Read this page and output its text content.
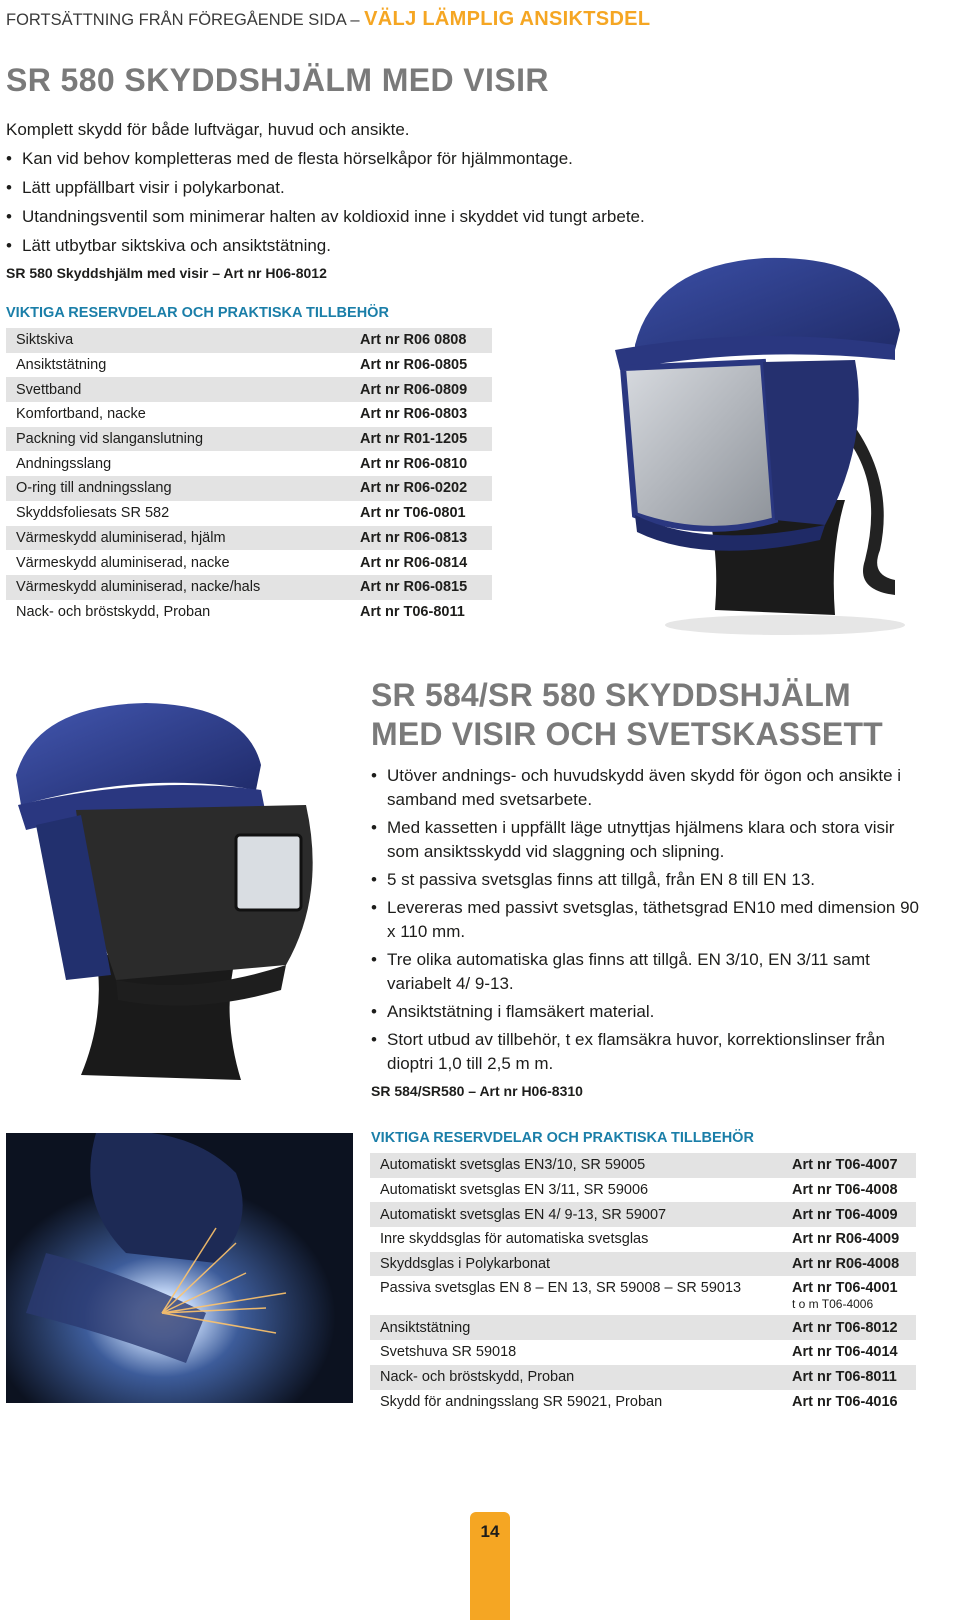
FORTSÄTTNING FRÅN FÖREGÅENDE SIDA – VÄLJ LÄMPLIG ANSIKTSDEL
SR 580 SKYDDSHJÄLM MED VISIR

Komplett skydd för både luftvägar, huvud och ansikte.

• Kan vid behov kompletteras med de flesta hörselkåpor för hjälmmontage.
• Lätt uppfällbart visir i polykarbonat.
• Utandningsventil som minimerar halten av koldioxid inne i skyddet vid tungt arbete.
• Lätt utbytbar siktskiva och ansiktstätning.
SR 580 Skyddshjälm med visir – Art nr H06-8012
VIKTIGA RESERVDELAR OCH PRAKTISKA TILLBEHÖR
Siktskiva	Art nr R06 0808
Ansiktstätning	Art nr R06-0805
Svettband	Art nr R06-0809
Komfortband, nacke	Art nr R06-0803
Packning vid slanganslutning	Art nr R01-1205
Andningsslang	Art nr R06-0810
O-ring till andningsslang	Art nr R06-0202
Skyddsfoliesats SR 582	Art nr T06-0801
Värmeskydd aluminiserad, hjälm	Art nr R06-0813
Värmeskydd aluminiserad, nacke	Art nr R06-0814
Värmeskydd aluminiserad, nacke/hals	Art nr R06-0815
Nack- och bröstskydd, Proban	Art nr T06-8011
SR 584/SR 580 SKYDDSHJÄLM
MED VISIR OCH SVETSKASSETT
• Utöver andnings- och huvudskydd även skydd för ögon och ansikte i samband med svetsarbete.
• Med kassetten i uppfällt läge utnyttjas hjälmens klara och stora visir som ansiktsskydd vid slaggning och slipning.
• 5 st passiva svetsglas finns att tillgå, från EN 8 till EN 13.
• Levereras med passivt svetsglas, täthetsgrad EN10 med dimension 90 x 110 mm.
• Tre olika automatiska glas finns att tillgå. EN 3/10, EN 3/11 samt variabelt 4/ 9-13.
• Ansiktstätning i flamsäkert material.
• Stort utbud av tillbehör, t ex flamsäkra huvor, korrektionslinser från dioptri 1,0 till 2,5 m m.
SR 584/SR580 – Art nr H06-8310
VIKTIGA RESERVDELAR OCH PRAKTISKA TILLBEHÖR
Automatiskt svetsglas EN3/10, SR 59005	Art nr T06-4007
Automatiskt svetsglas EN 3/11, SR 59006	Art nr T06-4008
Automatiskt svetsglas EN 4/ 9-13, SR 59007	Art nr T06-4009
Inre skyddsglas för automatiska svetsglas	Art nr R06-4009
Skyddsglas i Polykarbonat	Art nr R06-4008
Passiva svetsglas EN 8 – EN 13, SR 59008 – SR 59013	Art nr T06-4001
t o m T06-4006
Ansiktstätning	Art nr T06-8012
Svetshuva SR 59018	Art nr T06-4014
Nack- och bröstskydd, Proban	Art nr T06-8011
Skydd för andningsslang SR 59021, Proban	Art nr T06-4016
14
